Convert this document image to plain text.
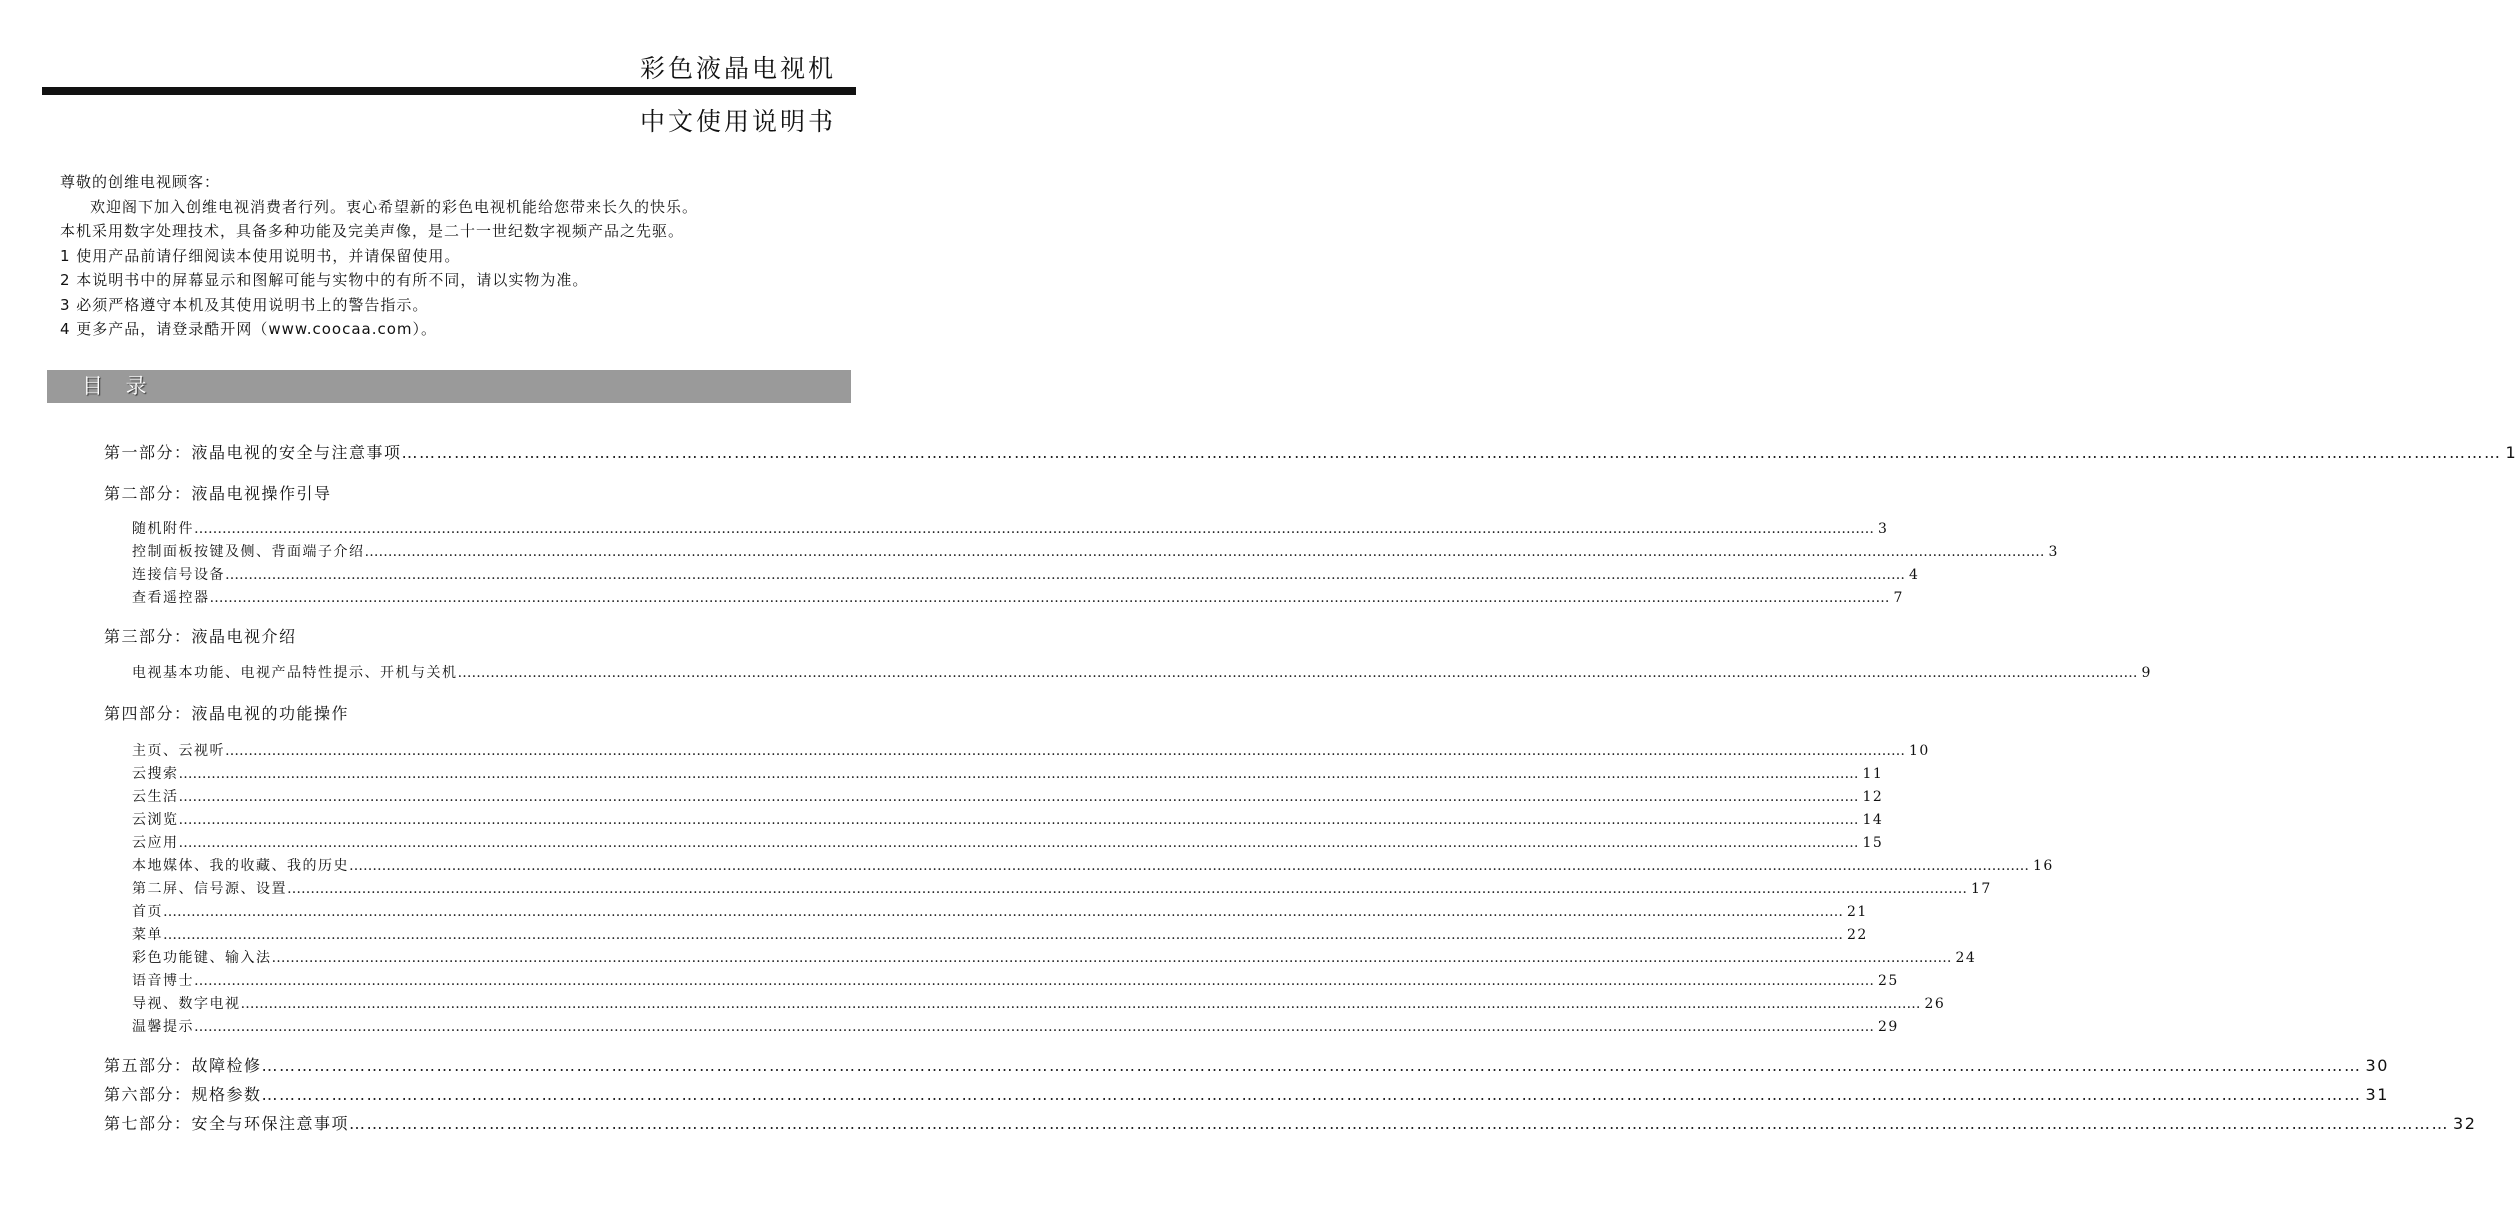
彩色液晶电视机
中文使用说明书
尊敬的创维电视顾客：
欢迎阁下加入创维电视消费者行列。衷心希望新的彩色电视机能给您带来长久的快乐。
本机采用数字处理技术，具备多种功能及完美声像，是二十一世纪数字视频产品之先驱。
1 使用产品前请仔细阅读本使用说明书，并请保留使用。
2 本说明书中的屏幕显示和图解可能与实物中的有所不同，请以实物为准。
3 必须严格遵守本机及其使用说明书上的警告指示。
4 更多产品，请登录酷开网（www.coocaa.com）。
目 录
第一部分：液晶电视的安全与注意事项 ……………………………………………………………………………………………………………………………………………………………………………………………………………………………………………………………………………………………………………………………… 1
第二部分：液晶电视操作引导
随机附件 ……………………………………………………………………………………………………………………………………………………………………………………………………………………………………………………………………………………………………………………………… 3
控制面板按键及侧、背面端子介绍 ……………………………………………………………………………………………………………………………………………………………………………………………………………………………………………………………………………………………………………………………… 3
连接信号设备 ……………………………………………………………………………………………………………………………………………………………………………………………………………………………………………………………………………………………………………………………… 4
查看遥控器 ……………………………………………………………………………………………………………………………………………………………………………………………………………………………………………………………………………………………………………………………… 7
第三部分：液晶电视介绍
电视基本功能、电视产品特性提示、开机与关机 ……………………………………………………………………………………………………………………………………………………………………………………………………………………………………………………………………………………………………………………………… 9
第四部分：液晶电视的功能操作
主页、云视听 ……………………………………………………………………………………………………………………………………………………………………………………………………………………………………………………………………………………………………………………………… 10
云搜索 ……………………………………………………………………………………………………………………………………………………………………………………………………………………………………………………………………………………………………………………………… 11
云生活 ……………………………………………………………………………………………………………………………………………………………………………………………………………………………………………………………………………………………………………………………… 12
云浏览 ……………………………………………………………………………………………………………………………………………………………………………………………………………………………………………………………………………………………………………………………… 14
云应用 ……………………………………………………………………………………………………………………………………………………………………………………………………………………………………………………………………………………………………………………………… 15
本地媒体、我的收藏、我的历史 ……………………………………………………………………………………………………………………………………………………………………………………………………………………………………………………………………………………………………………………………… 16
第二屏、信号源、设置 ……………………………………………………………………………………………………………………………………………………………………………………………………………………………………………………………………………………………………………………………… 17
首页 ……………………………………………………………………………………………………………………………………………………………………………………………………………………………………………………………………………………………………………………………… 21
菜单 ……………………………………………………………………………………………………………………………………………………………………………………………………………………………………………………………………………………………………………………………… 22
彩色功能键、输入法 ……………………………………………………………………………………………………………………………………………………………………………………………………………………………………………………………………………………………………………………………… 24
语音博士 ……………………………………………………………………………………………………………………………………………………………………………………………………………………………………………………………………………………………………………………………… 25
导视、数字电视 ……………………………………………………………………………………………………………………………………………………………………………………………………………………………………………………………………………………………………………………………… 26
温馨提示 ……………………………………………………………………………………………………………………………………………………………………………………………………………………………………………………………………………………………………………………………… 29
第五部分：故障检修 ……………………………………………………………………………………………………………………………………………………………………………………………………………………………………………………………………………………………………………………………… 30
第六部分：规格参数 ……………………………………………………………………………………………………………………………………………………………………………………………………………………………………………………………………………………………………………………………… 31
第七部分：安全与环保注意事项 ……………………………………………………………………………………………………………………………………………………………………………………………………………………………………………………………………………………………………………………………… 32
